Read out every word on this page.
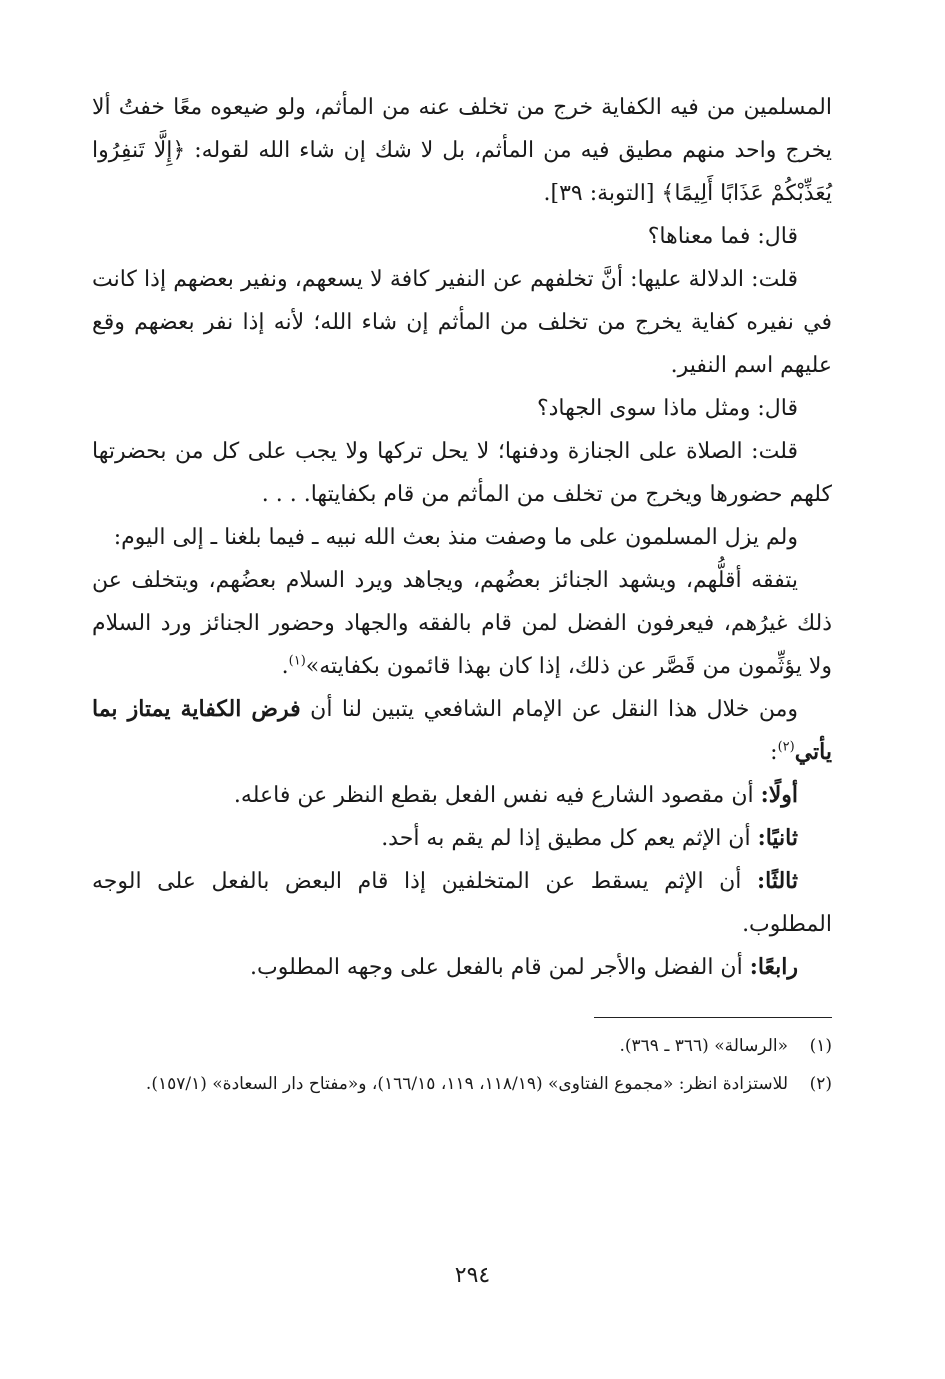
المسلمين من فيه الكفاية خرج من تخلف عنه من المأثم، ولو ضيعوه معًا خفتُ ألا يخرج واحد منهم مطيق فيه من المأثم، بل لا شك إن شاء الله لقوله: ﴿إِلَّا تَنفِرُوا يُعَذِّبْكُمْ عَذَابًا أَلِيمًا﴾ [التوبة: ٣٩].

قال: فما معناها؟

قلت: الدلالة عليها: أنَّ تخلفهم عن النفير كافة لا يسعهم، ونفير بعضهم إذا كانت في نفيره كفاية يخرج من تخلف من المأثم إن شاء الله؛ لأنه إذا نفر بعضهم وقع عليهم اسم النفير.

قال: ومثل ماذا سوى الجهاد؟

قلت: الصلاة على الجنازة ودفنها؛ لا يحل تركها ولا يجب على كل من بحضرتها كلهم حضورها ويخرج من تخلف من المأثم من قام بكفايتها. . . .

ولم يزل المسلمون على ما وصفت منذ بعث الله نبيه ـ فيما بلغنا ـ إلى اليوم:

يتفقه أقلُّهم، ويشهد الجنائز بعضُهم، ويجاهد ويرد السلام بعضُهم، ويتخلف عن ذلك غيرُهم، فيعرفون الفضل لمن قام بالفقه والجهاد وحضور الجنائز ورد السلام ولا يؤثِّمون من قَصَّر عن ذلك، إذا كان بهذا قائمون بكفايته»$^{(١)}$.

ومن خلال هذا النقل عن الإمام الشافعي يتبين لنا أن فرض الكفاية يمتاز بما يأتي$^{(٢)}$:

أولًا: أن مقصود الشارع فيه نفس الفعل بقطع النظر عن فاعله.

ثانيًا: أن الإثم يعم كل مطيق إذا لم يقم به أحد.

ثالثًا: أن الإثم يسقط عن المتخلفين إذا قام البعض بالفعل على الوجه المطلوب.

رابعًا: أن الفضل والأجر لمن قام بالفعل على وجهه المطلوب.

(١)
«الرسالة» (٣٦٦ ـ ٣٦٩).

(٢)
للاستزادة انظر: «مجموع الفتاوى» (١١٨/١٩، ١١٩، ١٦٦/١٥)، و«مفتاح دار السعادة» (١٥٧/١).

٢٩٤
